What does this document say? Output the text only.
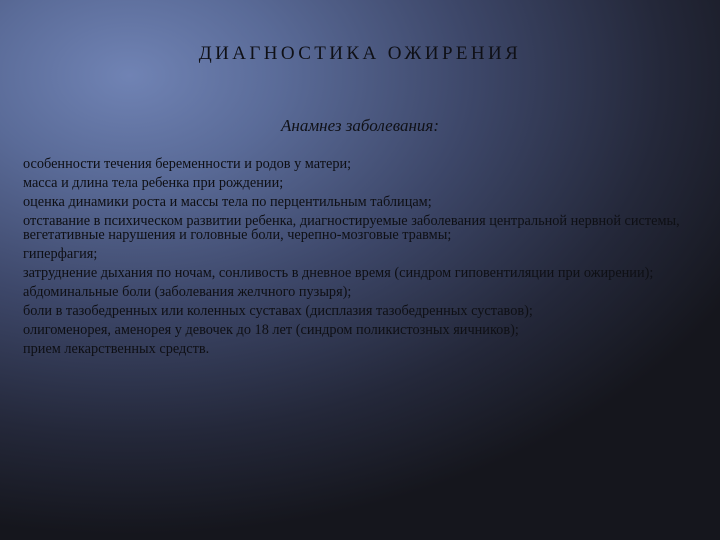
ДИАГНОСТИКА ОЖИРЕНИЯ

Анамнез заболевания:

особенности течения беременности и родов у матери;
масса и длина тела ребенка при рождении;
оценка динамики роста и массы тела по перцентильным таблицам;
отставание в психическом развитии ребенка, диагностируемые заболевания центральной нервной системы, вегетативные нарушения и головные боли, черепно-мозговые травмы;
гиперфагия;
затруднение дыхания по ночам, сонливость в дневное время (синдром гиповентиляции при ожирении);
абдоминальные боли (заболевания желчного пузыря);
боли в тазобедренных или коленных суставах (дисплазия тазобедренных суставов);
олигоменорея, аменорея у девочек до 18 лет (синдром поликистозных яичников);
прием лекарственных средств.
